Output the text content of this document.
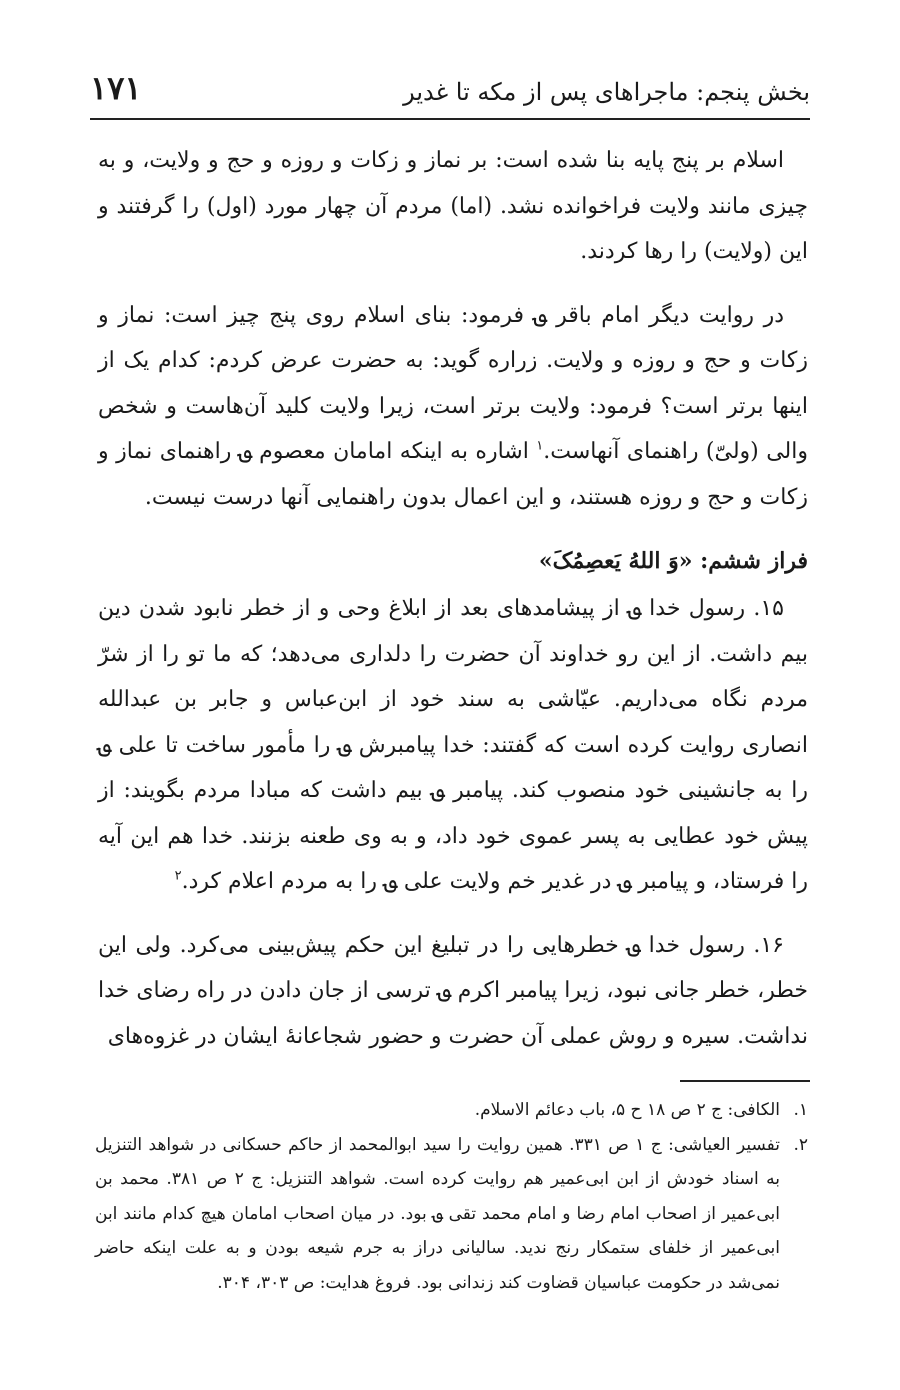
بخش پنجم: ماجراهای پس از مکه تا غدیر
۱۷۱

اسلام بر پنج پایه بنا شده است: بر نماز و زکات و روزه و حج و ولایت، و به چیزی مانند ولایت فراخوانده نشد. (اما) مردم آن چهار مورد (اول) را گرفتند و این (ولایت) را رها کردند.

در روایت دیگر امام باقر ؈ فرمود: بنای اسلام روی پنج چیز است: نماز و زکات و حج و روزه و ولایت. زراره گوید: به حضرت عرض کردم: کدام یک از اینها برتر است؟ فرمود: ولایت برتر است، زیرا ولایت کلید آن‌هاست و شخص والی (ولیّ) راهنمای آنهاست.$^۱$ اشاره به اینکه امامان معصوم ؈ راهنمای نماز و زکات و حج و روزه هستند، و این اعمال بدون راهنمایی آنها درست نیست.

فراز ششم: «وَ اللهُ یَعصِمُکَ»

۱۵. رسول خدا ؈ از پیشامدهای بعد از ابلاغ وحی و از خطر نابود شدن دین بیم داشت. از این رو خداوند آن حضرت را دلداری می‌دهد؛ که ما تو را از شرّ مردم نگاه می‌داریم. عیّاشی به سند خود از ابن‌عباس و جابر بن عبدالله انصاری روایت کرده است که گفتند: خدا پیامبرش ؈ را مأمور ساخت تا علی ؈ را به جانشینی خود منصوب کند. پیامبر ؈ بیم داشت که مبادا مردم بگویند: از پیش خود عطایی به پسر عموی خود داد، و به وی طعنه بزنند. خدا هم این آیه را فرستاد، و پیامبر ؈ در غدیر خم ولایت علی ؈ را به مردم اعلام کرد.$^۲$

۱۶. رسول خدا ؈ خطرهایی را در تبلیغ این حکم پیش‌بینی می‌کرد. ولی این خطر، خطر جانی نبود، زیرا پیامبر اکرم ؈ ترسی از جان دادن در راه رضای خدا نداشت. سیره و روش عملی آن حضرت و حضور شجاعانهٔ ایشان در غزوه‌های

۱.
الکافی: ج ۲ ص ۱۸ ح ۵، باب دعائم الاسلام.

۲.
تفسیر العیاشی: ج ۱ ص ۳۳۱. همین روایت را سید ابوالمحمد از حاکم حسکانی در شواهد التنزیل به اسناد خودش از ابن ابی‌عمیر هم روایت کرده است. شواهد التنزیل: ج ۲ ص ۳۸۱. محمد بن ابی‌عمیر از اصحاب امام رضا و امام محمد تقی ؈ بود. در میان اصحاب امامان هیچ کدام مانند ابن ابی‌عمیر از خلفای ستمکار رنج ندید. سالیانی دراز به جرم شیعه بودن و به علت اینکه حاضر نمی‌شد در حکومت عباسیان قضاوت کند زندانی بود. فروغ هدایت: ص ۳۰۳، ۳۰۴.
